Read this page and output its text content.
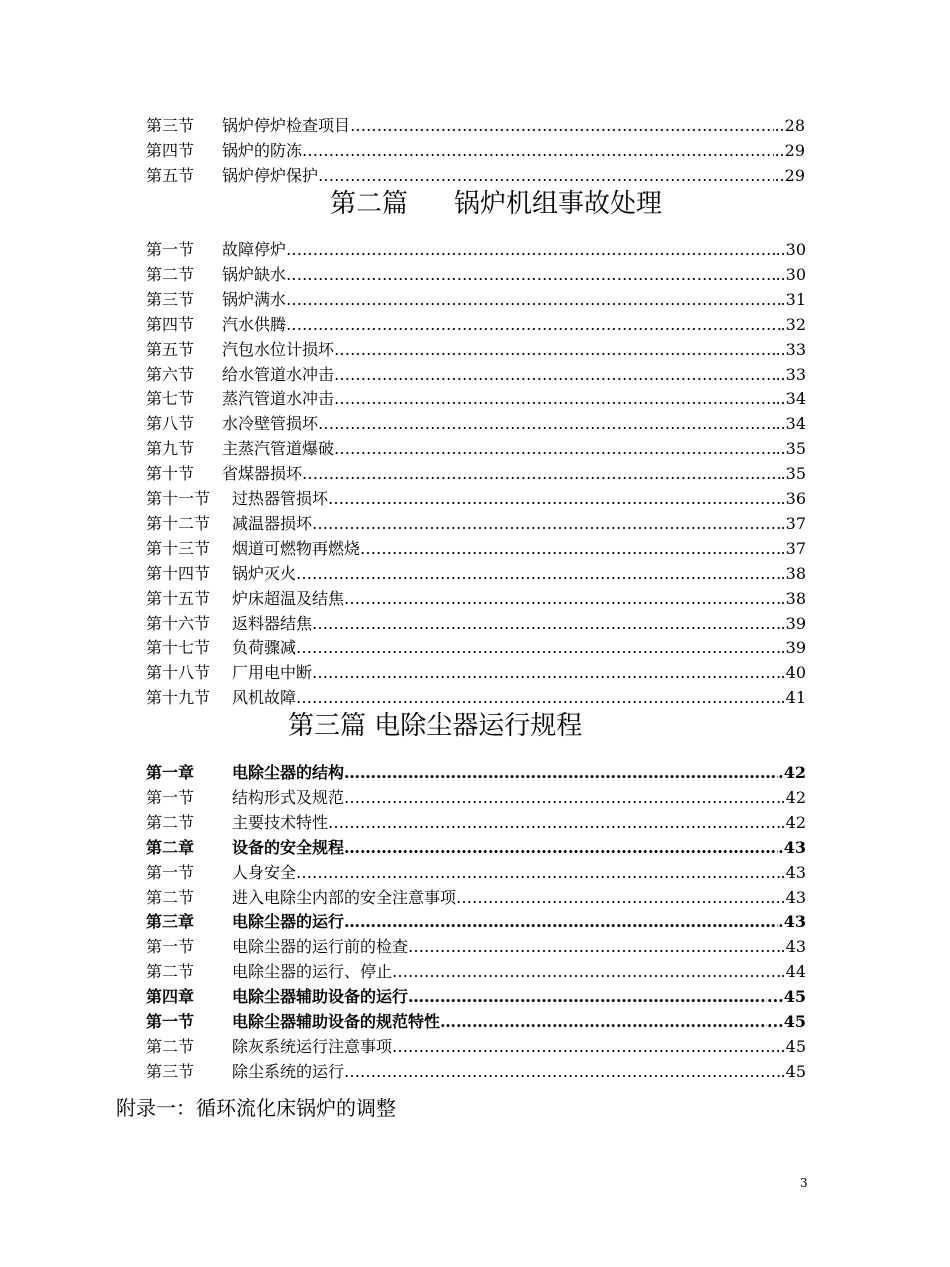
第三节	锅炉停炉检查项目 …………………………………………………………………………………………………………………………………………………………………	..28
第四节	锅炉的防冻 …………………………………………………………………………………………………………………………………………………………………	..29
第五节	锅炉停炉保护 …………………………………………………………………………………………………………………………………………………………………	..29
第二篇 锅炉机组事故处理
第一节	故障停炉 …………………………………………………………………………………………………………………………………………………………………	..30
第二节	锅炉缺水 …………………………………………………………………………………………………………………………………………………………………	..30
第三节	锅炉满水 …………………………………………………………………………………………………………………………………………………………………	.31
第四节	汽水供腾 …………………………………………………………………………………………………………………………………………………………………	.32
第五节	汽包水位计损坏 …………………………………………………………………………………………………………………………………………………………………	..33
第六节	给水管道水冲击 …………………………………………………………………………………………………………………………………………………………………	..33
第七节	蒸汽管道水冲击 …………………………………………………………………………………………………………………………………………………………………	..34
第八节	水冷壁管损坏 …………………………………………………………………………………………………………………………………………………………………	..34
第九节	主蒸汽管道爆破 …………………………………………………………………………………………………………………………………………………………………	..35
第十节	省煤器损坏 …………………………………………………………………………………………………………………………………………………………………	.35
第十一节	过热器管损坏 …………………………………………………………………………………………………………………………………………………………………	.36
第十二节	减温器损坏 …………………………………………………………………………………………………………………………………………………………………	.37
第十三节	烟道可燃物再燃烧 …………………………………………………………………………………………………………………………………………………………………	.37
第十四节	锅炉灭火 …………………………………………………………………………………………………………………………………………………………………	.38
第十五节	炉床超温及结焦 …………………………………………………………………………………………………………………………………………………………………	.38
第十六节	返料器结焦 …………………………………………………………………………………………………………………………………………………………………	.39
第十七节	负荷骤减 …………………………………………………………………………………………………………………………………………………………………	.39
第十八节	厂用电中断 …………………………………………………………………………………………………………………………………………………………………	.40
第十九节	风机故障 …………………………………………………………………………………………………………………………………………………………………	.41
第三篇 电除尘器运行规程
第一章	电除尘器的结构 …………………………………………………………………………………………………………………………………………………………………	.42
第一节	结构形式及规范 …………………………………………………………………………………………………………………………………………………………………	.42
第二节	主要技术特性 …………………………………………………………………………………………………………………………………………………………………	.42
第二章	设备的安全规程 …………………………………………………………………………………………………………………………………………………………………	.43
第一节	人身安全 …………………………………………………………………………………………………………………………………………………………………	.43
第二节	进入电除尘内部的安全注意事项 …………………………………………………………………………………………………………………………………………………………………	...43
第三章	电除尘器的运行 …………………………………………………………………………………………………………………………………………………………………	.43
第一节	电除尘器的运行前的检查 …………………………………………………………………………………………………………………………………………………………………	.43
第二节	电除尘器的运行、停止 …………………………………………………………………………………………………………………………………………………………………	.44
第四章	电除尘器辅助设备的运行 …………………………………………………………………………………………………………………………………………………………………	...45
第一节	电除尘器辅助设备的规范特性 …………………………………………………………………………………………………………………………………………………………………	...45
第二节	除灰系统运行注意事项 …………………………………………………………………………………………………………………………………………………………………	...45
第三节	除尘系统的运行 …………………………………………………………………………………………………………………………………………………………………	.45
附录一：循环流化床锅炉的调整
3
